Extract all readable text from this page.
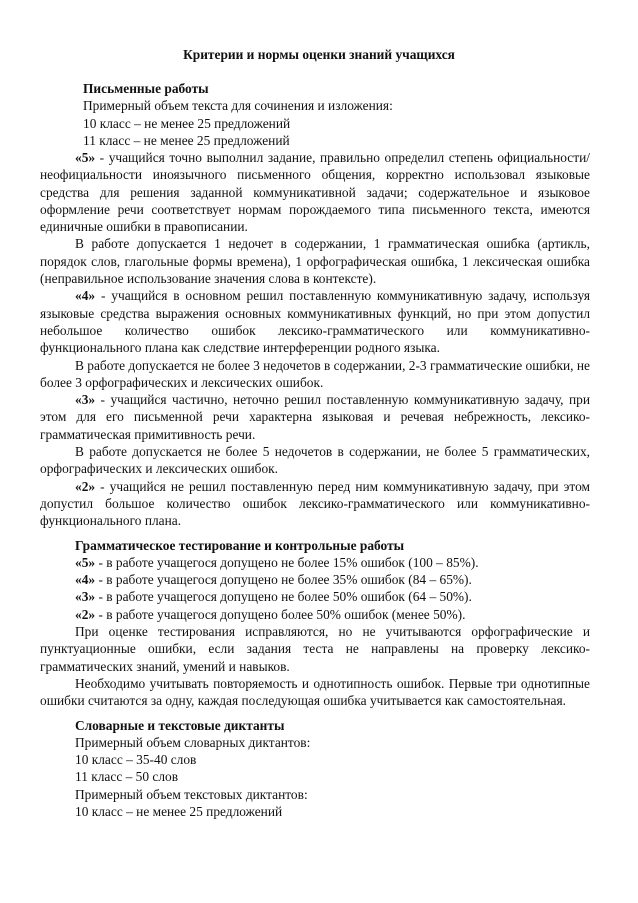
Критерии и нормы оценки знаний учащихся

Письменные работы

Примерный объем текста для сочинения и изложения:

10 класс – не менее 25 предложений

11 класс – не менее 25 предложений

«5» - учащийся точно выполнил задание, правильно определил степень официальности/ неофициальности иноязычного письменного общения, корректно использовал языковые средства для решения заданной коммуникативной задачи; содержательное и языковое оформление речи соответствует нормам порождаемого типа письменного текста, имеются единичные ошибки в правописании.

В работе допускается 1 недочет в содержании, 1 грамматическая ошибка (артикль, порядок слов, глагольные формы времена), 1 орфографическая ошибка, 1 лексическая ошибка (неправильное использование значения слова в контексте).

«4» - учащийся в основном решил поставленную коммуникативную задачу, используя языковые средства выражения основных коммуникативных функций, но при этом допустил небольшое количество ошибок лексико-грамматического или коммуникативно-функционального плана как следствие интерференции родного языка.

В работе допускается не более 3 недочетов в содержании, 2-3 грамматические ошибки, не более 3 орфографических и лексических ошибок.

«3» - учащийся частично, неточно решил поставленную коммуникативную задачу, при этом для его письменной речи характерна языковая и речевая небрежность, лексико-грамматическая примитивность речи.

В работе допускается не более 5 недочетов в содержании, не более 5 грамматических, орфографических и лексических ошибок.

«2» - учащийся не решил поставленную перед ним коммуникативную задачу, при этом допустил большое количество ошибок лексико-грамматического или коммуникативно-функционального плана.

Грамматическое тестирование и контрольные работы

«5» - в работе учащегося допущено не более 15% ошибок (100 – 85%).

«4» - в работе учащегося допущено не более 35% ошибок (84 – 65%).

«3» - в работе учащегося допущено не более 50% ошибок (64 – 50%).

«2» - в работе учащегося допущено более 50% ошибок (менее 50%).

При оценке тестирования исправляются, но не учитываются орфографические и пунктуационные ошибки, если задания теста не направлены на проверку лексико-грамматических знаний, умений и навыков.

Необходимо учитывать повторяемость и однотипность ошибок. Первые три однотипные ошибки считаются за одну, каждая последующая ошибка учитывается как самостоятельная.

Словарные и текстовые диктанты

Примерный объем словарных диктантов:

10 класс – 35-40 слов

11 класс – 50 слов

Примерный объем текстовых диктантов:

10 класс – не менее 25 предложений
